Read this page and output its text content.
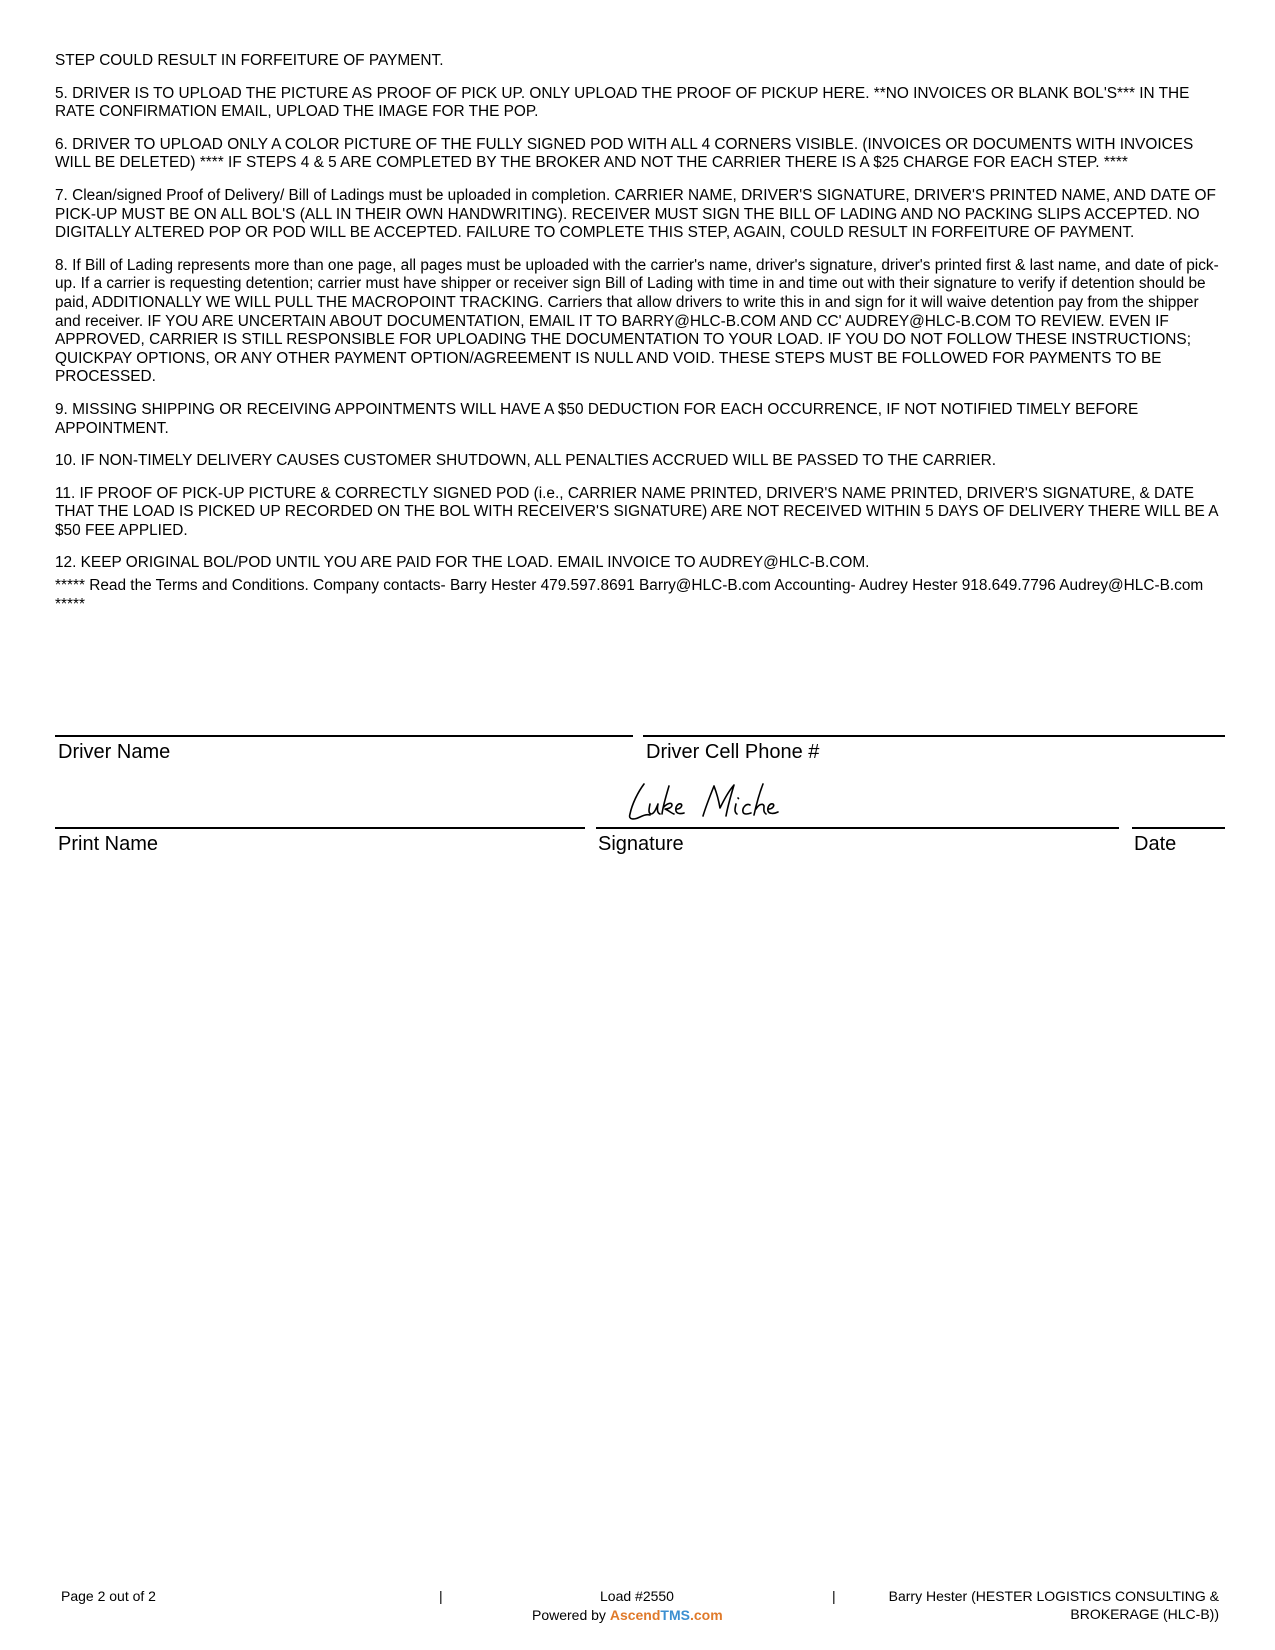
STEP COULD RESULT IN FORFEITURE OF PAYMENT.

5. DRIVER IS TO UPLOAD THE PICTURE AS PROOF OF PICK UP. ONLY UPLOAD THE PROOF OF PICKUP HERE. **NO INVOICES OR BLANK BOL'S*** IN THE RATE CONFIRMATION EMAIL, UPLOAD THE IMAGE FOR THE POP.

6. DRIVER TO UPLOAD ONLY A COLOR PICTURE OF THE FULLY SIGNED POD WITH ALL 4 CORNERS VISIBLE. (INVOICES OR DOCUMENTS WITH INVOICES WILL BE DELETED) **** IF STEPS 4 & 5 ARE COMPLETED BY THE BROKER AND NOT THE CARRIER THERE IS A $25 CHARGE FOR EACH STEP. ****

7. Clean/signed Proof of Delivery/ Bill of Ladings must be uploaded in completion. CARRIER NAME, DRIVER'S SIGNATURE, DRIVER'S PRINTED NAME, AND DATE OF PICK-UP MUST BE ON ALL BOL'S (ALL IN THEIR OWN HANDWRITING). RECEIVER MUST SIGN THE BILL OF LADING AND NO PACKING SLIPS ACCEPTED. NO DIGITALLY ALTERED POP OR POD WILL BE ACCEPTED. FAILURE TO COMPLETE THIS STEP, AGAIN, COULD RESULT IN FORFEITURE OF PAYMENT.

8. If Bill of Lading represents more than one page, all pages must be uploaded with the carrier's name, driver's signature, driver's printed first & last name, and date of pick-up. If a carrier is requesting detention; carrier must have shipper or receiver sign Bill of Lading with time in and time out with their signature to verify if detention should be paid, ADDITIONALLY WE WILL PULL THE MACROPOINT TRACKING. Carriers that allow drivers to write this in and sign for it will waive detention pay from the shipper and receiver. IF YOU ARE UNCERTAIN ABOUT DOCUMENTATION, EMAIL IT TO BARRY@HLC-B.COM AND CC' AUDREY@HLC-B.COM TO REVIEW. EVEN IF APPROVED, CARRIER IS STILL RESPONSIBLE FOR UPLOADING THE DOCUMENTATION TO YOUR LOAD. IF YOU DO NOT FOLLOW THESE INSTRUCTIONS; QUICKPAY OPTIONS, OR ANY OTHER PAYMENT OPTION/AGREEMENT IS NULL AND VOID. THESE STEPS MUST BE FOLLOWED FOR PAYMENTS TO BE PROCESSED.

9. MISSING SHIPPING OR RECEIVING APPOINTMENTS WILL HAVE A $50 DEDUCTION FOR EACH OCCURRENCE, IF NOT NOTIFIED TIMELY BEFORE APPOINTMENT.

10. IF NON-TIMELY DELIVERY CAUSES CUSTOMER SHUTDOWN, ALL PENALTIES ACCRUED WILL BE PASSED TO THE CARRIER.

11. IF PROOF OF PICK-UP PICTURE & CORRECTLY SIGNED POD (i.e., CARRIER NAME PRINTED, DRIVER'S NAME PRINTED, DRIVER'S SIGNATURE, & DATE THAT THE LOAD IS PICKED UP RECORDED ON THE BOL WITH RECEIVER'S SIGNATURE) ARE NOT RECEIVED WITHIN 5 DAYS OF DELIVERY THERE WILL BE A $50 FEE APPLIED.

12. KEEP ORIGINAL BOL/POD UNTIL YOU ARE PAID FOR THE LOAD. EMAIL INVOICE TO AUDREY@HLC-B.COM.

***** Read the Terms and Conditions. Company contacts- Barry Hester 479.597.8691 Barry@HLC-B.com Accounting- Audrey Hester 918.649.7796 Audrey@HLC-B.com *****

Driver Name	Driver Cell Phone #
Print Name	Signature	Date
Page 2 out of 2	|	Load #2550
Powered by AscendTMS.com
|	Barry Hester (HESTER LOGISTICS CONSULTING &
BROKERAGE (HLC-B))
